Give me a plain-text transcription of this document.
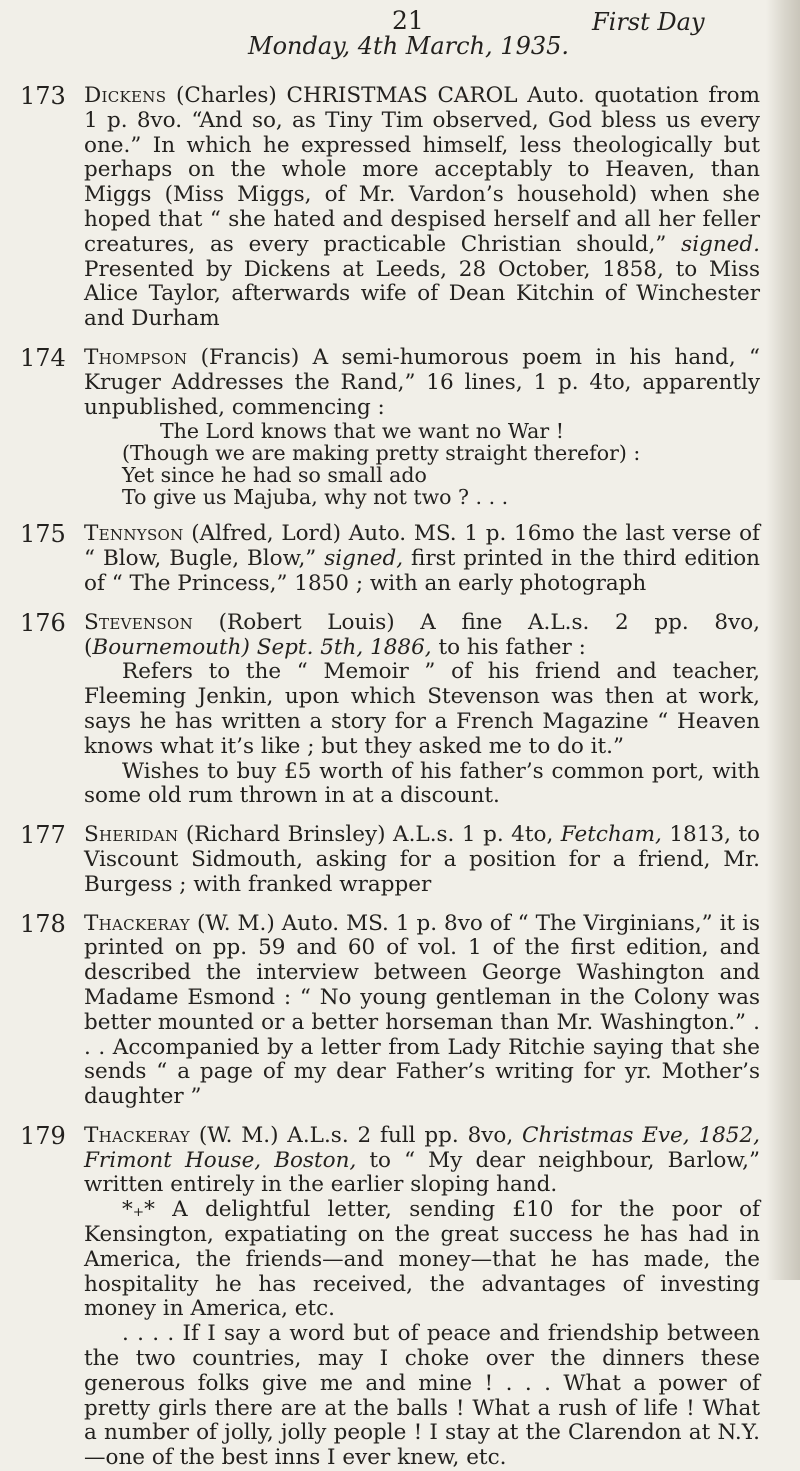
21	First Day
Monday, 4th March, 1935.
173 Dickens (Charles) CHRISTMAS CAROL Auto. quotation from 1 p. 8vo. “And so, as Tiny Tim observed, God bless us every one.” In which he expressed himself, less theologically but perhaps on the whole more acceptably to Heaven, than Miggs (Miss Miggs, of Mr. Vardon’s household) when she hoped that “ she hated and despised herself and all her feller creatures, as every practicable Christian should,” signed. Presented by Dickens at Leeds, 28 October, 1858, to Miss Alice Taylor, afterwards wife of Dean Kitchin of Winchester and Durham

174 Thompson (Francis) A semi-humorous poem in his hand, “ Kruger Addresses the Rand,” 16 lines, 1 p. 4to, apparently unpublished, commencing :

The Lord knows that we want no War !

(Though we are making pretty straight therefor) :

Yet since he had so small ado

To give us Majuba, why not two ? . . .

175 Tennyson (Alfred, Lord) Auto. MS. 1 p. 16mo the last verse of “ Blow, Bugle, Blow,” signed, first printed in the third edition of “ The Princess,” 1850 ; with an early photograph

176 Stevenson (Robert Louis) A fine A.L.s. 2 pp. 8vo, (Bournemouth) Sept. 5th, 1886, to his father :

Refers to the “ Memoir ” of his friend and teacher, Fleeming Jenkin, upon which Stevenson was then at work, says he has written a story for a French Magazine “ Heaven knows what it’s like ; but they asked me to do it.”

Wishes to buy £5 worth of his father’s common port, with some old rum thrown in at a discount.

177 Sheridan (Richard Brinsley) A.L.s. 1 p. 4to, Fetcham, 1813, to Viscount Sidmouth, asking for a position for a friend, Mr. Burgess ; with franked wrapper

178 Thackeray (W. M.) Auto. MS. 1 p. 8vo of “ The Virginians,” it is printed on pp. 59 and 60 of vol. 1 of the first edition, and described the interview between George Washington and Madame Esmond : “ No young gentleman in the Colony was better mounted or a better horseman than Mr. Washington.” . . . Accompanied by a letter from Lady Ritchie saying that she sends “ a page of my dear Father’s writing for yr. Mother’s daughter ”

179 Thackeray (W. M.) A.L.s. 2 full pp. 8vo, Christmas Eve, 1852, Frimont House, Boston, to “ My dear neighbour, Barlow,” written entirely in the earlier sloping hand.

*₊* A delightful letter, sending £10 for the poor of Kensington, expatiating on the great success he has had in America, the friends—and money—that he has made, the hospitality he has received, the advantages of investing money in America, etc.

. . . . If I say a word but of peace and friendship between the two countries, may I choke over the dinners these generous folks give me and mine ! . . . What a power of pretty girls there are at the balls ! What a rush of life ! What a number of jolly, jolly people ! I stay at the Clarendon at N.Y.—one of the best inns I ever knew, etc.
